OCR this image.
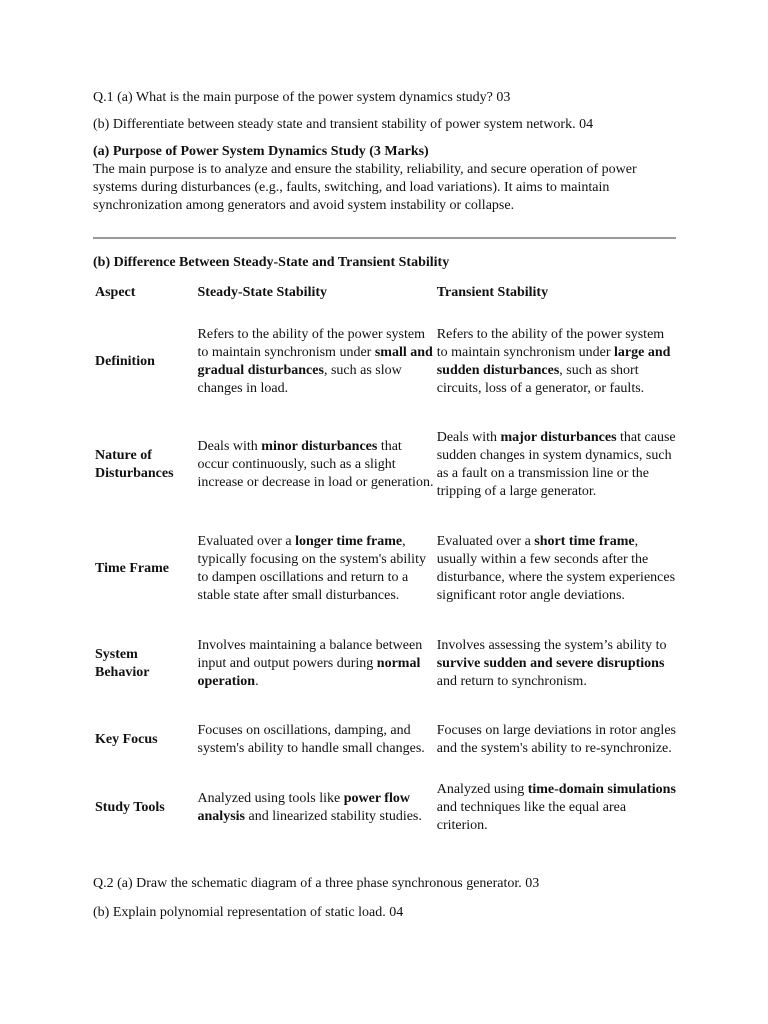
Q.1 (a) What is the main purpose of the power system dynamics study? 03

(b) Differentiate between steady state and transient stability of power system network. 04

(a) Purpose of Power System Dynamics Study (3 Marks)

The main purpose is to analyze and ensure the stability, reliability, and secure operation of power systems during disturbances (e.g., faults, switching, and load variations). It aims to maintain synchronization among generators and avoid system instability or collapse.

(b) Difference Between Steady-State and Transient Stability

Aspect	Steady-State Stability	Transient Stability
Definition	Refers to the ability of the power system to maintain synchronism under small and gradual disturbances, such as slow changes in load.	Refers to the ability of the power system to maintain synchronism under large and sudden disturbances, such as short circuits, loss of a generator, or faults.
Nature of Disturbances	Deals with minor disturbances that occur continuously, such as a slight increase or decrease in load or generation.	Deals with major disturbances that cause sudden changes in system dynamics, such as a fault on a transmission line or the tripping of a large generator.
Time Frame	Evaluated over a longer time frame, typically focusing on the system's ability to dampen oscillations and return to a stable state after small disturbances.	Evaluated over a short time frame, usually within a few seconds after the disturbance, where the system experiences significant rotor angle deviations.
System Behavior	Involves maintaining a balance between input and output powers during normal operation.	Involves assessing the system’s ability to survive sudden and severe disruptions and return to synchronism.
Key Focus	Focuses on oscillations, damping, and system's ability to handle small changes.	Focuses on large deviations in rotor angles and the system's ability to re-synchronize.
Study Tools	Analyzed using tools like power flow analysis and linearized stability studies.	Analyzed using time-domain simulations and techniques like the equal area criterion.

Q.2 (a) Draw the schematic diagram of a three phase synchronous generator. 03

(b) Explain polynomial representation of static load. 04
